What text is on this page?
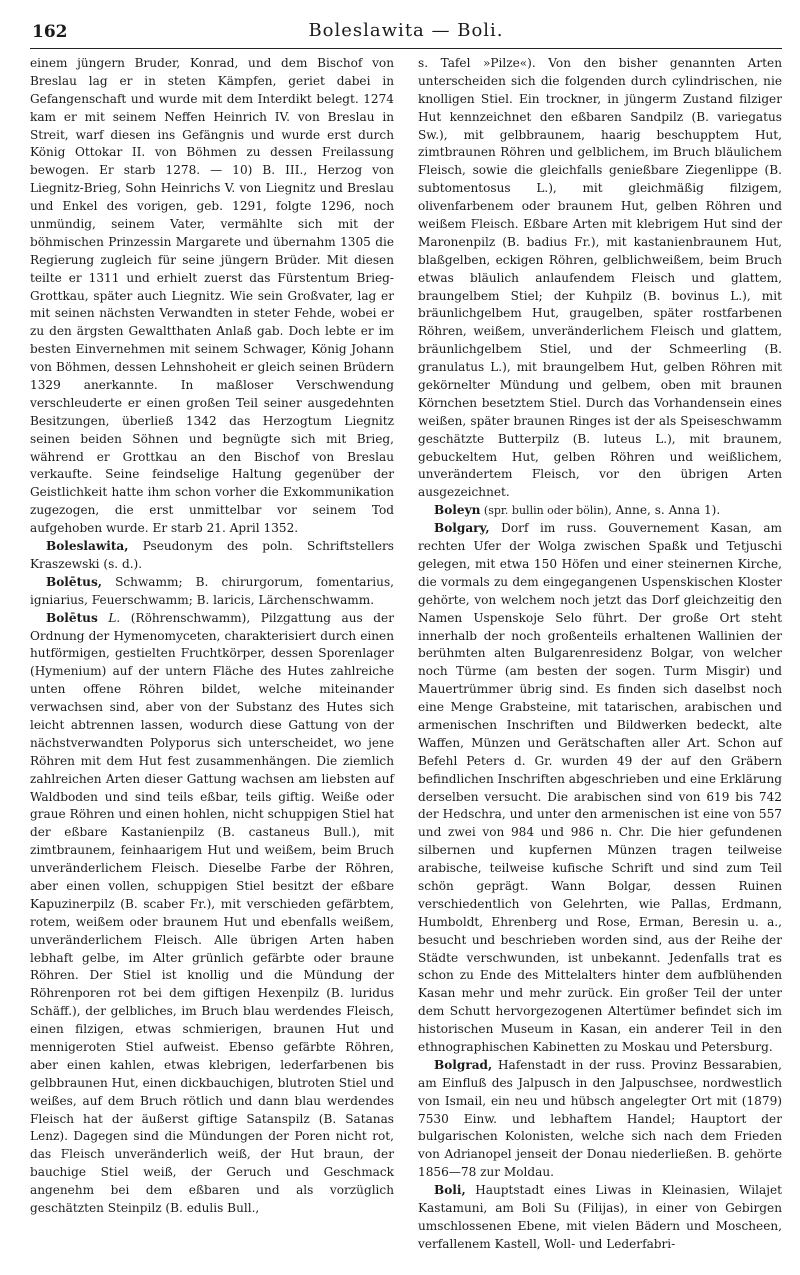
162	Boleslawita — Boli.

einem jüngern Bruder, Konrad, und dem Bischof von Breslau lag er in steten Kämpfen, geriet dabei in Gefangenschaft und wurde mit dem Interdikt belegt. 1274 kam er mit seinem Neffen Heinrich IV. von Breslau in Streit, warf diesen ins Gefängnis und wurde erst durch König Ottokar II. von Böhmen zu dessen Freilassung bewogen. Er starb 1278. — 10) B. III., Herzog von Liegnitz-Brieg, Sohn Heinrichs V. von Liegnitz und Breslau und Enkel des vorigen, geb. 1291, folgte 1296, noch unmündig, seinem Vater, vermählte sich mit der böhmischen Prinzessin Margarete und übernahm 1305 die Regierung zugleich für seine jüngern Brüder. Mit diesen teilte er 1311 und erhielt zuerst das Fürstentum Brieg-Grottkau, später auch Liegnitz. Wie sein Großvater, lag er mit seinen nächsten Verwandten in steter Fehde, wobei er zu den ärgsten Gewaltthaten Anlaß gab. Doch lebte er im besten Einvernehmen mit seinem Schwager, König Johann von Böhmen, dessen Lehnshoheit er gleich seinen Brüdern 1329 anerkannte. In maßloser Verschwendung verschleuderte er einen großen Teil seiner ausgedehnten Besitzungen, überließ 1342 das Herzogtum Liegnitz seinen beiden Söhnen und begnügte sich mit Brieg, während er Grottkau an den Bischof von Breslau verkaufte. Seine feindselige Haltung gegenüber der Geistlichkeit hatte ihm schon vorher die Exkommunikation zugezogen, die erst unmittelbar vor seinem Tod aufgehoben wurde. Er starb 21. April 1352.

Boleslawita, Pseudonym des poln. Schriftstellers Kraszewski (s. d.).

Bolētus, Schwamm; B. chirurgorum, fomentarius, igniarius, Feuerschwamm; B. laricis, Lärchenschwamm.

Bolētus L. (Röhrenschwamm), Pilzgattung aus der Ordnung der Hymenomyceten, charakterisiert durch einen hutförmigen, gestielten Fruchtkörper, dessen Sporenlager (Hymenium) auf der untern Fläche des Hutes zahlreiche unten offene Röhren bildet, welche miteinander verwachsen sind, aber von der Substanz des Hutes sich leicht abtrennen lassen, wodurch diese Gattung von der nächstverwandten Polyporus sich unterscheidet, wo jene Röhren mit dem Hut fest zusammenhängen. Die ziemlich zahlreichen Arten dieser Gattung wachsen am liebsten auf Waldboden und sind teils eßbar, teils giftig. Weiße oder graue Röhren und einen hohlen, nicht schuppigen Stiel hat der eßbare Kastanienpilz (B. castaneus Bull.), mit zimtbraunem, feinhaarigem Hut und weißem, beim Bruch unveränderlichem Fleisch. Dieselbe Farbe der Röhren, aber einen vollen, schuppigen Stiel besitzt der eßbare Kapuzinerpilz (B. scaber Fr.), mit verschieden gefärbtem, rotem, weißem oder braunem Hut und ebenfalls weißem, unveränderlichem Fleisch. Alle übrigen Arten haben lebhaft gelbe, im Alter grünlich gefärbte oder braune Röhren. Der Stiel ist knollig und die Mündung der Röhrenporen rot bei dem giftigen Hexenpilz (B. luridus Schäff.), der gelbliches, im Bruch blau werdendes Fleisch, einen filzigen, etwas schmierigen, braunen Hut und mennigeroten Stiel aufweist. Ebenso gefärbte Röhren, aber einen kahlen, etwas klebrigen, lederfarbenen bis gelbbraunen Hut, einen dickbauchigen, blutroten Stiel und weißes, auf dem Bruch rötlich und dann blau werdendes Fleisch hat der äußerst giftige Satanspilz (B. Satanas Lenz). Dagegen sind die Mündungen der Poren nicht rot, das Fleisch unveränderlich weiß, der Hut braun, der bauchige Stiel weiß, der Geruch und Geschmack angenehm bei dem eßbaren und als vorzüglich geschätzten Steinpilz (B. edulis Bull.,

s. Tafel »Pilze«). Von den bisher genannten Arten unterscheiden sich die folgenden durch cylindrischen, nie knolligen Stiel. Ein trockner, in jüngerm Zustand filziger Hut kennzeichnet den eßbaren Sandpilz (B. variegatus Sw.), mit gelbbraunem, haarig beschupptem Hut, zimtbraunen Röhren und gelblichem, im Bruch bläulichem Fleisch, sowie die gleichfalls genießbare Ziegenlippe (B. subtomentosus L.), mit gleichmäßig filzigem, olivenfarbenem oder braunem Hut, gelben Röhren und weißem Fleisch. Eßbare Arten mit klebrigem Hut sind der Maronenpilz (B. badius Fr.), mit kastanienbraunem Hut, blaßgelben, eckigen Röhren, gelblichweißem, beim Bruch etwas bläulich anlaufendem Fleisch und glattem, braungelbem Stiel; der Kuhpilz (B. bovinus L.), mit bräunlichgelbem Hut, graugelben, später rostfarbenen Röhren, weißem, unveränderlichem Fleisch und glattem, bräunlichgelbem Stiel, und der Schmeerling (B. granulatus L.), mit braungelbem Hut, gelben Röhren mit gekörnelter Mündung und gelbem, oben mit braunen Körnchen besetztem Stiel. Durch das Vorhandensein eines weißen, später braunen Ringes ist der als Speiseschwamm geschätzte Butterpilz (B. luteus L.), mit braunem, gebuckeltem Hut, gelben Röhren und weißlichem, unverändertem Fleisch, vor den übrigen Arten ausgezeichnet.

Boleyn (spr. bullin oder bölin), Anne, s. Anna 1).

Bolgary, Dorf im russ. Gouvernement Kasan, am rechten Ufer der Wolga zwischen Spaßk und Tetjuschi gelegen, mit etwa 150 Höfen und einer steinernen Kirche, die vormals zu dem eingegangenen Uspenskischen Kloster gehörte, von welchem noch jetzt das Dorf gleichzeitig den Namen Uspenskoje Selo führt. Der große Ort steht innerhalb der noch großenteils erhaltenen Wallinien der berühmten alten Bulgarenresidenz Bolgar, von welcher noch Türme (am besten der sogen. Turm Misgir) und Mauertrümmer übrig sind. Es finden sich daselbst noch eine Menge Grabsteine, mit tatarischen, arabischen und armenischen Inschriften und Bildwerken bedeckt, alte Waffen, Münzen und Gerätschaften aller Art. Schon auf Befehl Peters d. Gr. wurden 49 der auf den Gräbern befindlichen Inschriften abgeschrieben und eine Erklärung derselben versucht. Die arabischen sind von 619 bis 742 der Hedschra, und unter den armenischen ist eine von 557 und zwei von 984 und 986 n. Chr. Die hier gefundenen silbernen und kupfernen Münzen tragen teilweise arabische, teilweise kufische Schrift und sind zum Teil schön geprägt. Wann Bolgar, dessen Ruinen verschiedentlich von Gelehrten, wie Pallas, Erdmann, Humboldt, Ehrenberg und Rose, Erman, Beresin u. a., besucht und beschrieben worden sind, aus der Reihe der Städte verschwunden, ist unbekannt. Jedenfalls trat es schon zu Ende des Mittelalters hinter dem aufblühenden Kasan mehr und mehr zurück. Ein großer Teil der unter dem Schutt hervorgezogenen Altertümer befindet sich im historischen Museum in Kasan, ein anderer Teil in den ethnographischen Kabinetten zu Moskau und Petersburg.

Bolgrad, Hafenstadt in der russ. Provinz Bessarabien, am Einfluß des Jalpusch in den Jalpuschsee, nordwestlich von Ismail, ein neu und hübsch angelegter Ort mit (1879) 7530 Einw. und lebhaftem Handel; Hauptort der bulgarischen Kolonisten, welche sich nach dem Frieden von Adrianopel jenseit der Donau niederließen. B. gehörte 1856—78 zur Moldau.

Boli, Hauptstadt eines Liwas in Kleinasien, Wilajet Kastamuni, am Boli Su (Filijas), in einer von Gebirgen umschlossenen Ebene, mit vielen Bädern und Moscheen, verfallenem Kastell, Woll- und Lederfabri-
